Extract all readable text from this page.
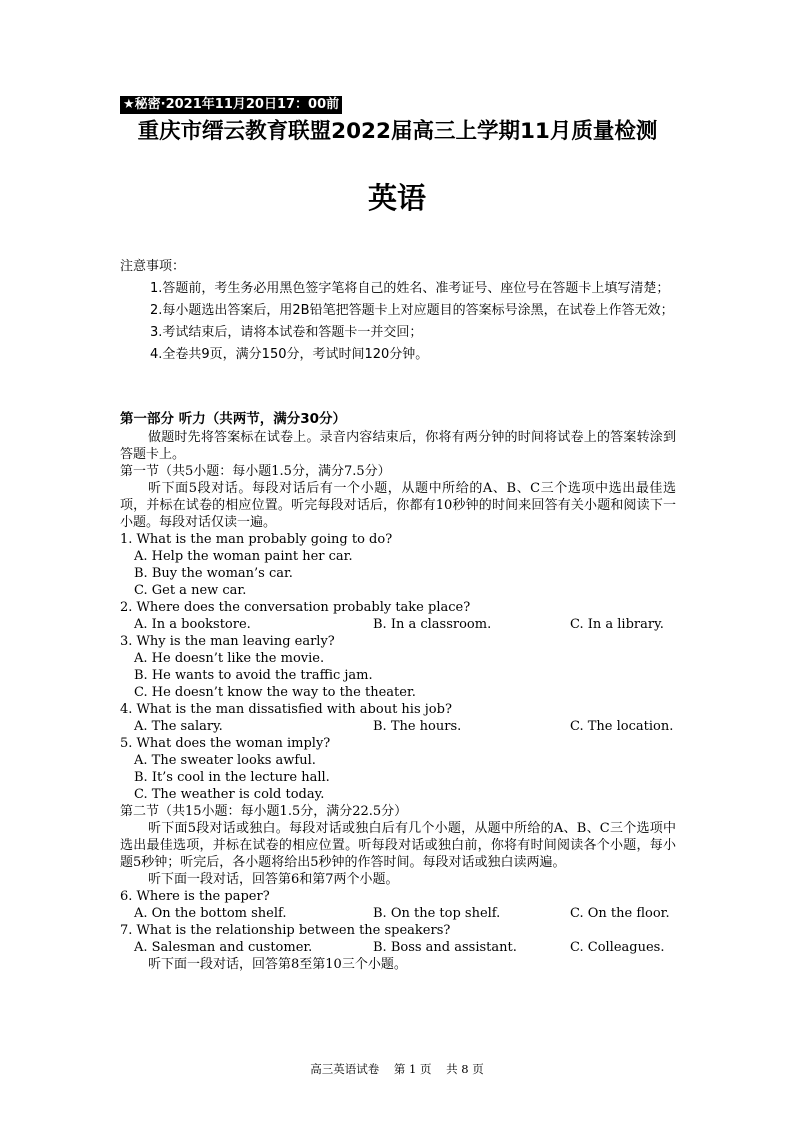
★秘密·2021年11月20日17：00前
重庆市缙云教育联盟2022届高三上学期11月质量检测
英语

注意事项：

1.答题前，考生务必用黑色签字笔将自己的姓名、准考证号、座位号在答题卡上填写清楚；

2.每小题选出答案后，用2B铅笔把答题卡上对应题目的答案标号涂黑，在试卷上作答无效；

3.考试结束后，请将本试卷和答题卡一并交回；

4.全卷共9页，满分150分，考试时间120分钟。

第一部分 听力（共两节，满分30分）

做题时先将答案标在试卷上。录音内容结束后，你将有两分钟的时间将试卷上的答案转涂到答题卡上。

第一节（共5小题：每小题1.5分，满分7.5分）

听下面5段对话。每段对话后有一个小题，从题中所给的A、B、C三个选项中选出最佳选项，并标在试卷的相应位置。听完每段对话后，你都有10秒钟的时间来回答有关小题和阅读下一小题。每段对话仅读一遍。

1. What is the man probably going to do?

A. Help the woman paint her car.

B. Buy the woman’s car.

C. Get a new car.

2. Where does the conversation probably take place?

A. In a bookstore.	B. In a classroom.	C. In a library.

3. Why is the man leaving early?

A. He doesn’t like the movie.

B. He wants to avoid the traffic jam.

C. He doesn’t know the way to the theater.

4. What is the man dissatisfied with about his job?

A. The salary.	B. The hours.	C. The location.

5. What does the woman imply?

A. The sweater looks awful.

B. It’s cool in the lecture hall.

C. The weather is cold today.

第二节（共15小题：每小题1.5分，满分22.5分）

听下面5段对话或独白。每段对话或独白后有几个小题，从题中所给的A、B、C三个选项中选出最佳选项，并标在试卷的相应位置。听每段对话或独白前，你将有时间阅读各个小题，每小题5秒钟；听完后，各小题将给出5秒钟的作答时间。每段对话或独白读两遍。

听下面一段对话，回答第6和第7两个小题。

6. Where is the paper?

A. On the bottom shelf.	B. On the top shelf.	C. On the floor.

7. What is the relationship between the speakers?

A. Salesman and customer.	B. Boss and assistant.	C. Colleagues.

听下面一段对话，回答第8至第10三个小题。

高三英语试卷    第 1 页    共 8 页
